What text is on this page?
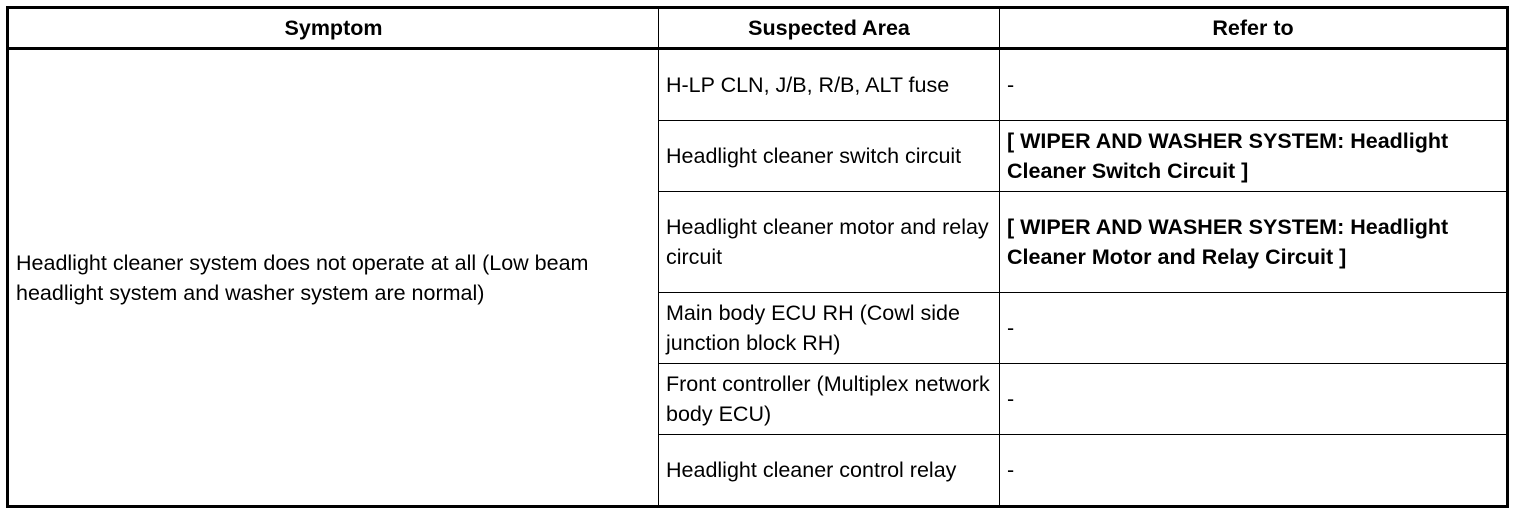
Symptom	Suspected Area	Refer to
Headlight cleaner system does not operate at all (Low beam headlight system and washer system are normal)	H-LP CLN, J/B, R/B, ALT fuse	-
	Headlight cleaner switch circuit	[ WIPER AND WASHER SYSTEM: Headlight Cleaner Switch Circuit ]
	Headlight cleaner motor and relay circuit	[ WIPER AND WASHER SYSTEM: Headlight Cleaner Motor and Relay Circuit ]
	Main body ECU RH (Cowl side junction block RH)	-
	Front controller (Multiplex network body ECU)	-
	Headlight cleaner control relay	-
